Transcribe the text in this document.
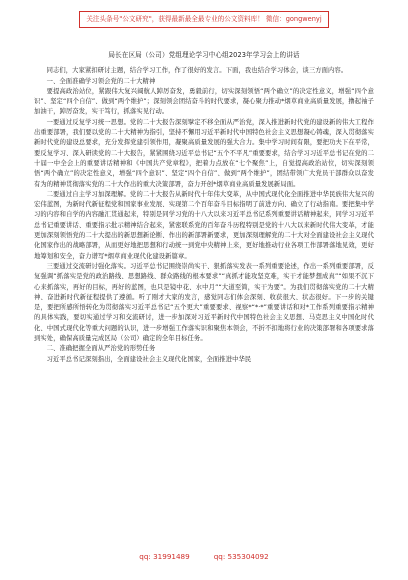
关注头条号"公文研究"，获得最新最全最专业的公文资料库！ 微信：gongwenyj

局长在区局（公司）党组理论学习中心组2023年学习会上的讲话

同志们，大家紧扣研讨主题，结合学习工作，作了很好的发言。下面，我也结合学习体会，谈三方面内容。

一、全面准确学习领会党的二十大精神

要提高政治站位，紧跟伟大复兴阔航人踔厉奋发，勇毅前行，切实深刻领悟“两个确立”的决定性意义，增强“四个意识”、坚定“四个自信”、做到“两个维护”；深刻领会团结奋斗的时代要求，凝心聚力推动*烟草商业高质量发展，撸起袖子加油干，踔厉奋发，实干笃行，抓落实见行动。

一要通过反复学习统一思想。党的二十大报告深刻擘定不移全面从严治党，深入推进新时代党的建设新的伟大工程作出重要部署，我们要以党的二十大精神为指引，坚持不懈用习近平新时代中国特色社会主义思想凝心铸魂，深入贯彻落实新时代党的建设总要求，充分发挥党建引领作用，凝聚高质量发展的强大合力。集中学习时间有限，要把功夫下在平常，要反复学习、深入研读党的二十大报告，紧紧围绕习近平总书记“五个不平凡”重要要求，结合学习习近平总书记在党的二十届一中全会上的重要讲话精神和《中国共产党章程》，把着力点放在“七个聚焦”上，自觉提高政治站位，切实深刻领悟“两个确立”的决定性意义，增强“四个意识”、坚定“四个自信”、做到“两个维护”，团结带领广大党员干部群众以奋发有为的精神贯彻落实党的二十大作出的重大决策部署，奋力开创*烟草商业高质量发展新局面。

二要通过自主学习加深理解。党的二十大报告从新时代十年伟大变革，从中国式现代化全面推进中华民族伟大复兴的宏伟蓝图，为新时代新征程党和国家事业发展、实现第二个百年奋斗目标指明了前进方向、确立了行动指南。要把集中学习的内容和自学的内容融汇贯通起来，特别是同学习党的十八大以来习近平总书记系列重要讲话精神起来，同学习习近平总书记重要讲话、重要指示批示精神结合起来，紧密联系党的百年奋斗历程特别是党的十八大以来新时代伟大变革，才能更加深刻领悟党的二十大提出的新思想新论断、作出的新部署新要求，更加深刻理解党的二十大对全面建设社会主义现代化国家作出的战略部署，从而更好地把思想和行动统一到党中央精神上来，更好地推动行业各项工作部署落地见效，更好地筹划和安全，奋力谱写*烟草商业现代化建设新篇章。

三要通过交流研讨强化落实。习近平总书记围绕崇尚实干、狠抓落实发表一系列重要论述，作出一系列重要部署，反复强调“抓落实是党的政治路线、思想路线、群众路线的根本要求”“真抓才能攻坚克难，实干才能梦想成真”“如果不沉下心来抓落实，再好的目标，再好的蓝图，也只是镜中花、水中月”“大道至简，实干为要”。为我们贯彻落实党的二十大精神、奋进新时代新征程提供了遵循。听了刚才大家的发言，感觉同志们体会深刻、收获很大、状态很好。下一步的关键是，要把所感所悟转化为贯彻落实习近平总书记“五个更大”重要要求、视察*“*·*”重要讲话和对*工作系列重要指示精神的具体实践，要切实通过学习和交流研讨，进一步加深对习近平新时代中国特色社会主义思想、马克思主义中国化时代化、中国式现代化等重大问题的认识，进一步增强工作落实识和聚焦本领会，不折不扣地将行业的决策部署和各项要求落到实处，确保高质量完成区局（公司）确定的全年目标任务。

二、准确把握全面从严治党的形势任务

习近平总书记深刻指出，全面建设社会主义现代化国家，全面推进中华民

qq: 31991489	qq: 535304092
